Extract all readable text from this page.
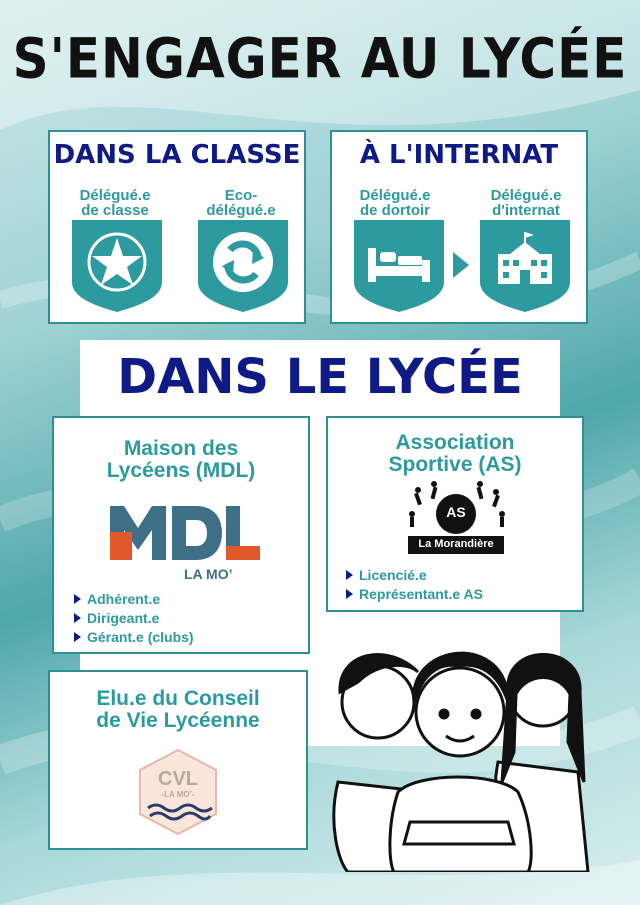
S'ENGAGER AU LYCÉE
DANS LA CLASSE
Délégué.e
de classe
Eco-
délégué.e
À L'INTERNAT
Délégué.e
de dortoir
Délégué.e
d'internat
DANS LE LYCÉE
Maison des
Lycéens (MDL)
LA MO’
Adhérent.e
Dirigeant.e
Gérant.e (clubs)
Association
Sportive (AS)
AS
La Morandière
Licencié.e
Représentant.e AS
Elu.e du Conseil
de Vie Lycéenne
CVL
-LA MO’-
